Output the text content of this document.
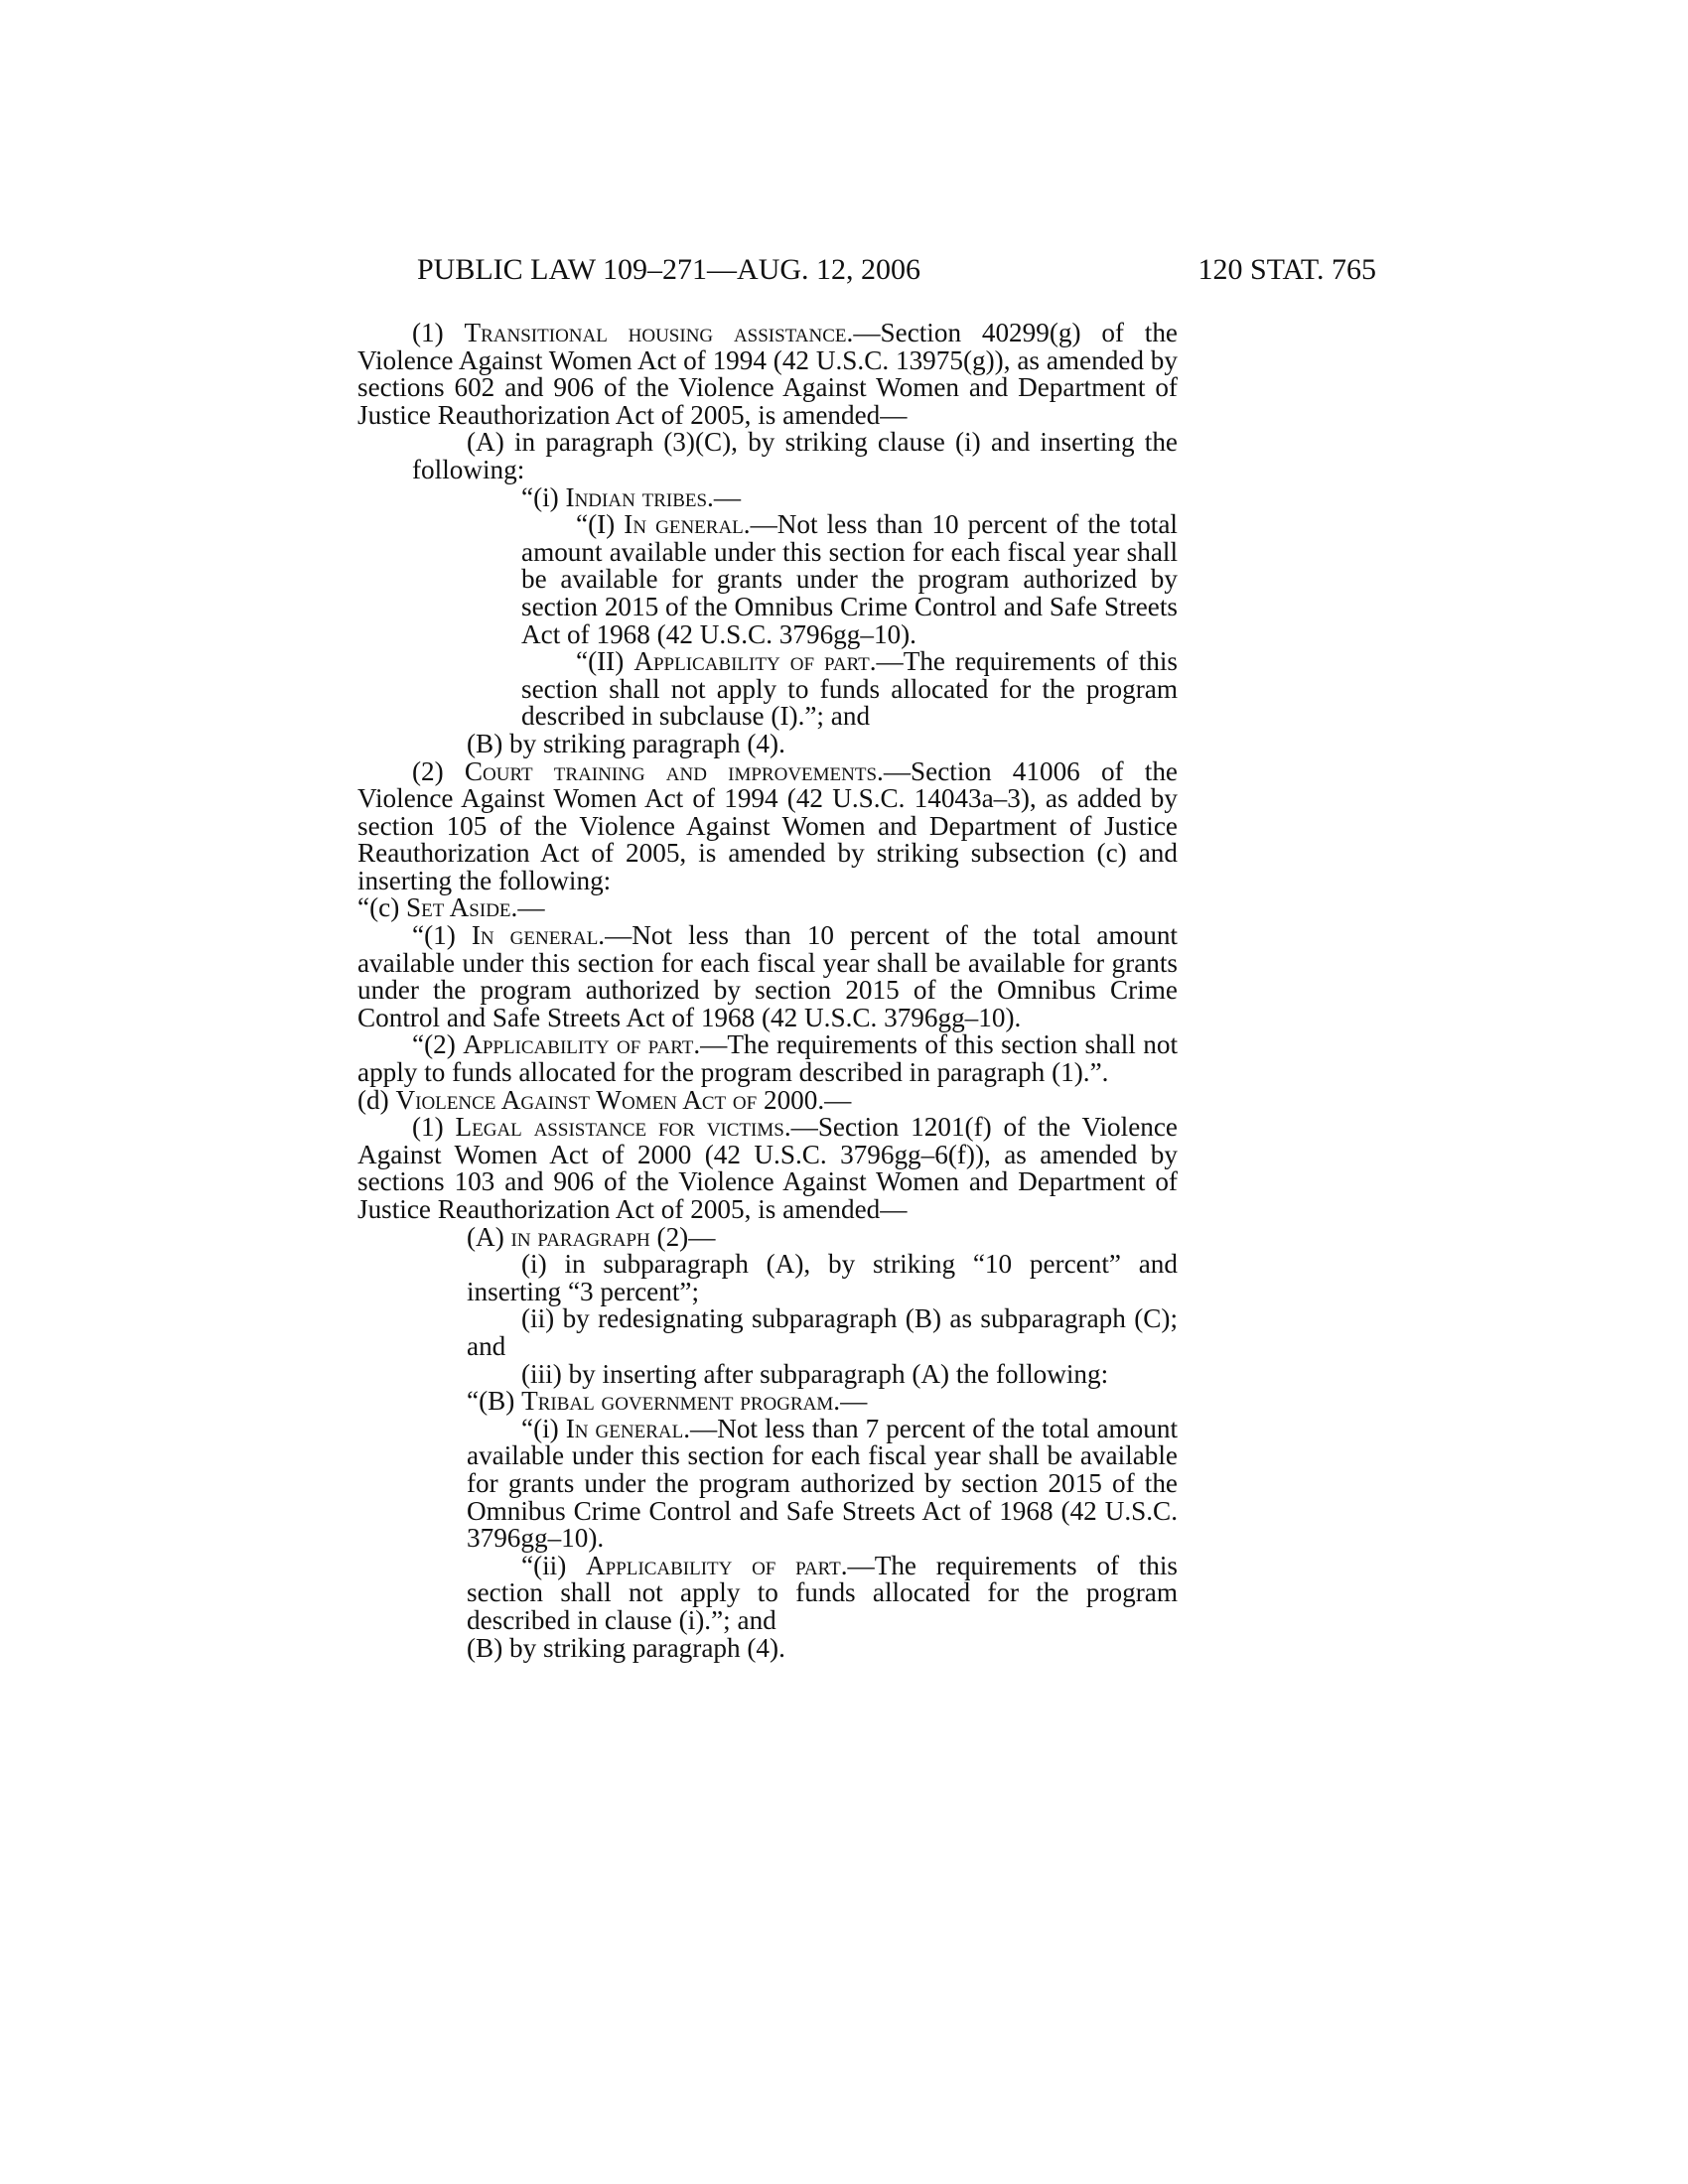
PUBLIC LAW 109–271—AUG. 12, 2006	120 STAT. 765
(1) Transitional housing assistance.—Section 40299(g) of the Violence Against Women Act of 1994 (42 U.S.C. 13975(g)), as amended by sections 602 and 906 of the Violence Against Women and Department of Justice Reauthorization Act of 2005, is amended—
(A) in paragraph (3)(C), by striking clause (i) and inserting the following:
“(i) Indian tribes.—
“(I) In general.—Not less than 10 percent of the total amount available under this section for each fiscal year shall be available for grants under the program authorized by section 2015 of the Omnibus Crime Control and Safe Streets Act of 1968 (42 U.S.C. 3796gg–10).
“(II) Applicability of part.—The requirements of this section shall not apply to funds allocated for the program described in subclause (I).”; and
(B) by striking paragraph (4).
(2) Court training and improvements.—Section 41006 of the Violence Against Women Act of 1994 (42 U.S.C. 14043a–3), as added by section 105 of the Violence Against Women and Department of Justice Reauthorization Act of 2005, is amended by striking subsection (c) and inserting the following:
“(c) Set Aside.—
“(1) In general.—Not less than 10 percent of the total amount available under this section for each fiscal year shall be available for grants under the program authorized by section 2015 of the Omnibus Crime Control and Safe Streets Act of 1968 (42 U.S.C. 3796gg–10).
“(2) Applicability of part.—The requirements of this section shall not apply to funds allocated for the program described in paragraph (1).”.
(d) Violence Against Women Act of 2000.—
(1) Legal assistance for victims.—Section 1201(f) of the Violence Against Women Act of 2000 (42 U.S.C. 3796gg–6(f)), as amended by sections 103 and 906 of the Violence Against Women and Department of Justice Reauthorization Act of 2005, is amended—
(A) in paragraph (2)—
(i) in subparagraph (A), by striking “10 percent” and inserting “3 percent”;
(ii) by redesignating subparagraph (B) as subparagraph (C); and
(iii) by inserting after subparagraph (A) the following:
“(B) Tribal government program.—
“(i) In general.—Not less than 7 percent of the total amount available under this section for each fiscal year shall be available for grants under the program authorized by section 2015 of the Omnibus Crime Control and Safe Streets Act of 1968 (42 U.S.C. 3796gg–10).
“(ii) Applicability of part.—The requirements of this section shall not apply to funds allocated for the program described in clause (i).”; and
(B) by striking paragraph (4).
